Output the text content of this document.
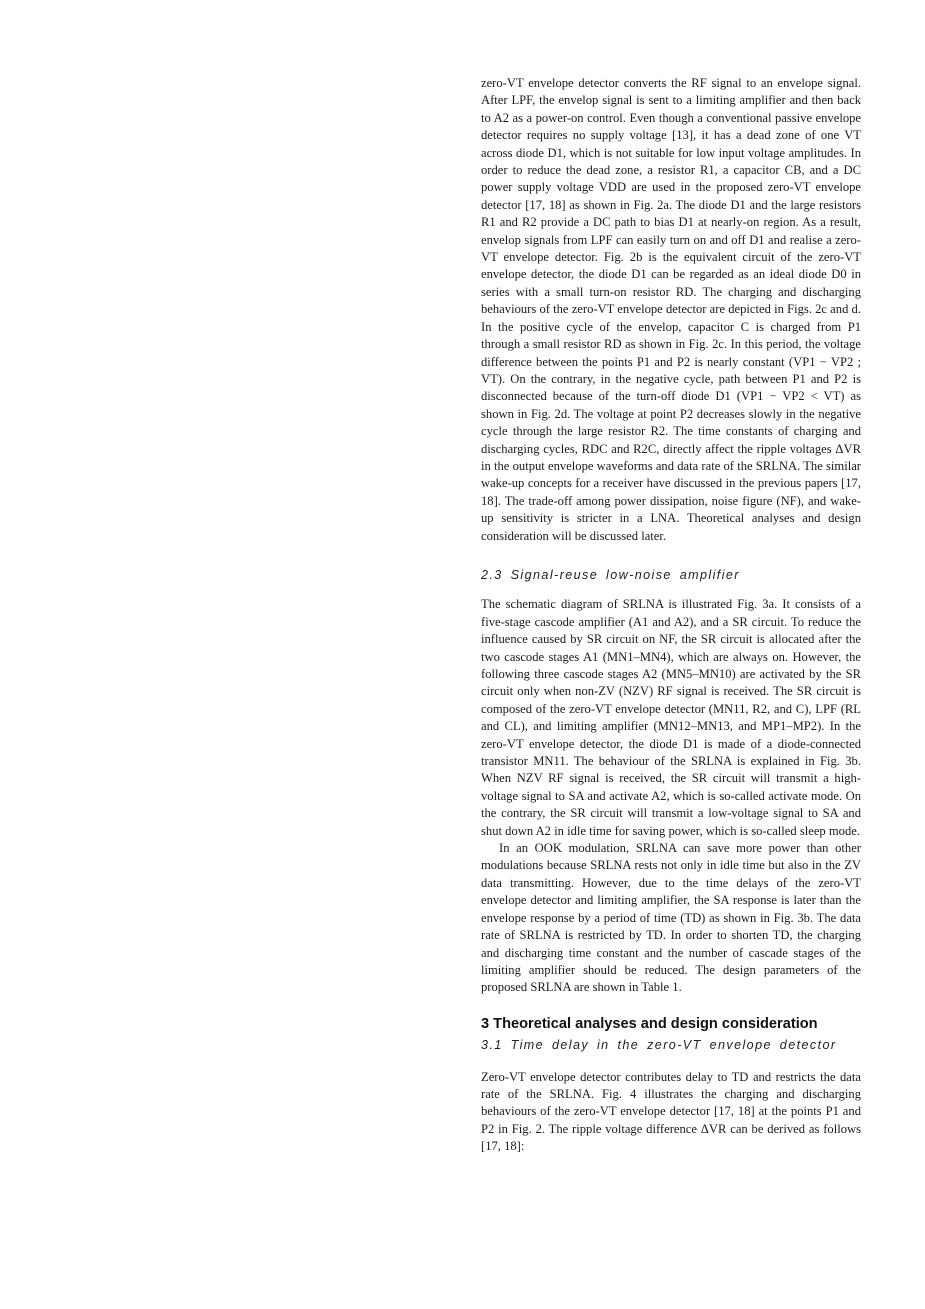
zero-VT envelope detector converts the RF signal to an envelope signal. After LPF, the envelop signal is sent to a limiting amplifier and then back to A2 as a power-on control. Even though a conventional passive envelope detector requires no supply voltage [13], it has a dead zone of one VT across diode D1, which is not suitable for low input voltage amplitudes. In order to reduce the dead zone, a resistor R1, a capacitor CB, and a DC power supply voltage VDD are used in the proposed zero-VT envelope detector [17, 18] as shown in Fig. 2a. The diode D1 and the large resistors R1 and R2 provide a DC path to bias D1 at nearly-on region. As a result, envelop signals from LPF can easily turn on and off D1 and realise a zero-VT envelope detector. Fig. 2b is the equivalent circuit of the zero-VT envelope detector, the diode D1 can be regarded as an ideal diode D0 in series with a small turn-on resistor RD. The charging and discharging behaviours of the zero-VT envelope detector are depicted in Figs. 2c and d. In the positive cycle of the envelop, capacitor C is charged from P1 through a small resistor RD as shown in Fig. 2c. In this period, the voltage difference between the points P1 and P2 is nearly constant (VP1 − VP2 ; VT). On the contrary, in the negative cycle, path between P1 and P2 is disconnected because of the turn-off diode D1 (VP1 − VP2 < VT) as shown in Fig. 2d. The voltage at point P2 decreases slowly in the negative cycle through the large resistor R2. The time constants of charging and discharging cycles, RDC and R2C, directly affect the ripple voltages ΔVR in the output envelope waveforms and data rate of the SRLNA. The similar wake-up concepts for a receiver have discussed in the previous papers [17, 18]. The trade-off among power dissipation, noise figure (NF), and wake-up sensitivity is stricter in a LNA. Theoretical analyses and design consideration will be discussed later.

2.3 Signal-reuse low-noise amplifier

The schematic diagram of SRLNA is illustrated Fig. 3a. It consists of a five-stage cascode amplifier (A1 and A2), and a SR circuit. To reduce the influence caused by SR circuit on NF, the SR circuit is allocated after the two cascode stages A1 (MN1–MN4), which are always on. However, the following three cascode stages A2 (MN5–MN10) are activated by the SR circuit only when non-ZV (NZV) RF signal is received. The SR circuit is composed of the zero-VT envelope detector (MN11, R2, and C), LPF (RL and CL), and limiting amplifier (MN12–MN13, and MP1–MP2). In the zero-VT envelope detector, the diode D1 is made of a diode-connected transistor MN11. The behaviour of the SRLNA is explained in Fig. 3b. When NZV RF signal is received, the SR circuit will transmit a high-voltage signal to SA and activate A2, which is so-called activate mode. On the contrary, the SR circuit will transmit a low-voltage signal to SA and shut down A2 in idle time for saving power, which is so-called sleep mode.

In an OOK modulation, SRLNA can save more power than other modulations because SRLNA rests not only in idle time but also in the ZV data transmitting. However, due to the time delays of the zero-VT envelope detector and limiting amplifier, the SA response is later than the envelope response by a period of time (TD) as shown in Fig. 3b. The data rate of SRLNA is restricted by TD. In order to shorten TD, the charging and discharging time constant and the number of cascade stages of the limiting amplifier should be reduced. The design parameters of the proposed SRLNA are shown in Table 1.

3 Theoretical analyses and design consideration
3.1 Time delay in the zero-VT envelope detector

Zero-VT envelope detector contributes delay to TD and restricts the data rate of the SRLNA. Fig. 4 illustrates the charging and discharging behaviours of the zero-VT envelope detector [17, 18] at the points P1 and P2 in Fig. 2. The ripple voltage difference ΔVR can be derived as follows [17, 18]:
